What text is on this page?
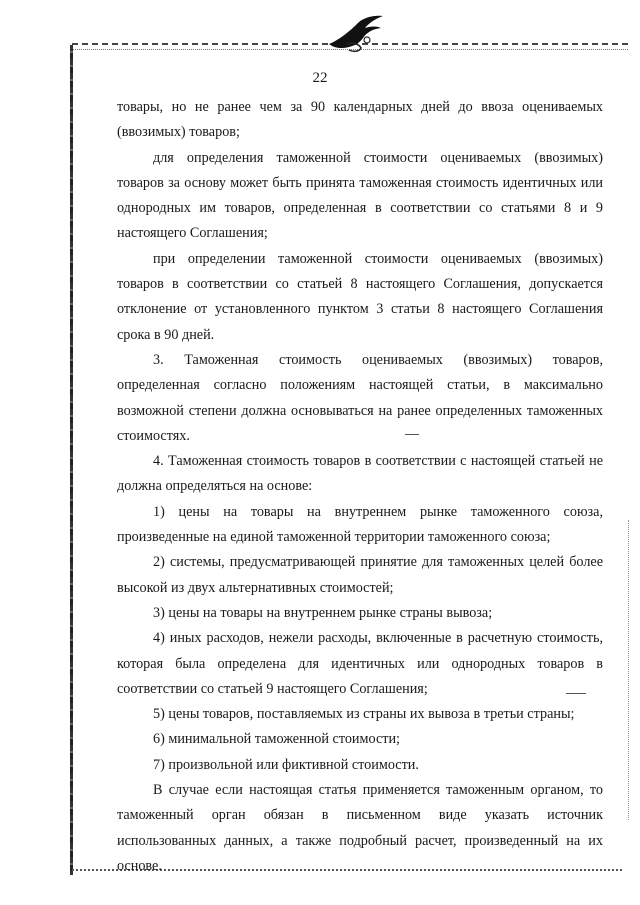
22

товары, но не ранее чем за 90 календарных дней до ввоза оцениваемых (ввозимых) товаров;

для определения таможенной стоимости оцениваемых (ввозимых) товаров за основу может быть принята таможенная стоимость идентичных или однородных им товаров, определенная в соответствии со статьями 8 и 9 настоящего Соглашения;

при определении таможенной стоимости оцениваемых (ввозимых) товаров в соответствии со статьей 8 настоящего Соглашения, допускается отклонение от установленного пунктом 3 статьи 8 настоящего Соглашения срока в 90 дней.

3. Таможенная стоимость оцениваемых (ввозимых) товаров, определенная согласно положениям настоящей статьи, в максимально возможной степени должна основываться на ранее определенных таможенных стоимостях.

4. Таможенная стоимость товаров в соответствии с настоящей статьей не должна определяться на основе:

1) цены на товары на внутреннем рынке таможенного союза, произведенные на единой таможенной территории таможенного союза;

2) системы, предусматривающей принятие для таможенных целей более высокой из двух альтернативных стоимостей;

3) цены на товары на внутреннем рынке страны вывоза;

4) иных расходов, нежели расходы, включенные в расчетную стоимость, которая была определена для идентичных или однородных товаров в соответствии со статьей 9 настоящего Соглашения;

5) цены товаров, поставляемых из страны их вывоза в третьи страны;

6) минимальной таможенной стоимости;

7) произвольной или фиктивной стоимости.

В случае если настоящая статья применяется таможенным органом, то таможенный орган обязан в письменном виде указать источник использованных данных, а также подробный расчет, произведенный на их основе.
